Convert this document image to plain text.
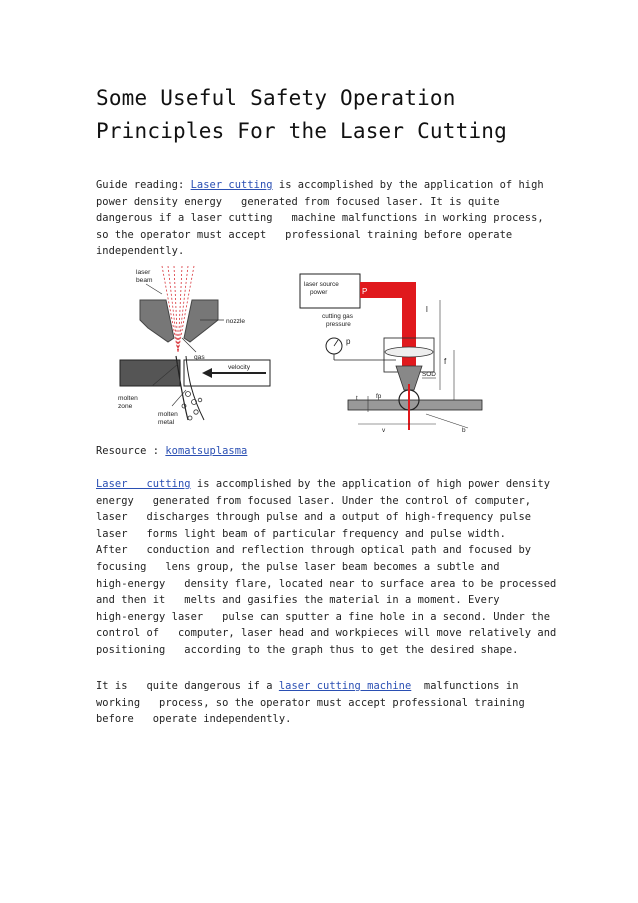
Some Useful Safety Operation
Principles For the Laser Cutting
Guide reading: Laser cutting is accomplished by the application of high
power density energy   generated from focused laser. It is quite
dangerous if a laser cutting   machine malfunctions in working process,
so the operator must accept   professional training before operate
independently.
laser
beam
nozzle
gas
velocity
molten
zone
molten
metal
laser source
power	P
cutting gas
pressure
p
l
f
SOD
t	fp
v	b
Resource : komatsuplasma
Laser   cutting is accomplished by the application of high power density
energy   generated from focused laser. Under the control of computer,
laser   discharges through pulse and a output of high-frequency pulse
laser   forms light beam of particular frequency and pulse width.
After   conduction and reflection through optical path and focused by
focusing   lens group, the pulse laser beam becomes a subtle and
high-energy   density flare, located near to surface area to be processed
and then it   melts and gasifies the material in a moment. Every
high-energy laser   pulse can sputter a fine hole in a second. Under the
control of   computer, laser head and workpieces will move relatively and
positioning   according to the graph thus to get the desired shape.
It is   quite dangerous if a laser cutting machine  malfunctions in
working   process, so the operator must accept professional training
before   operate independently.
